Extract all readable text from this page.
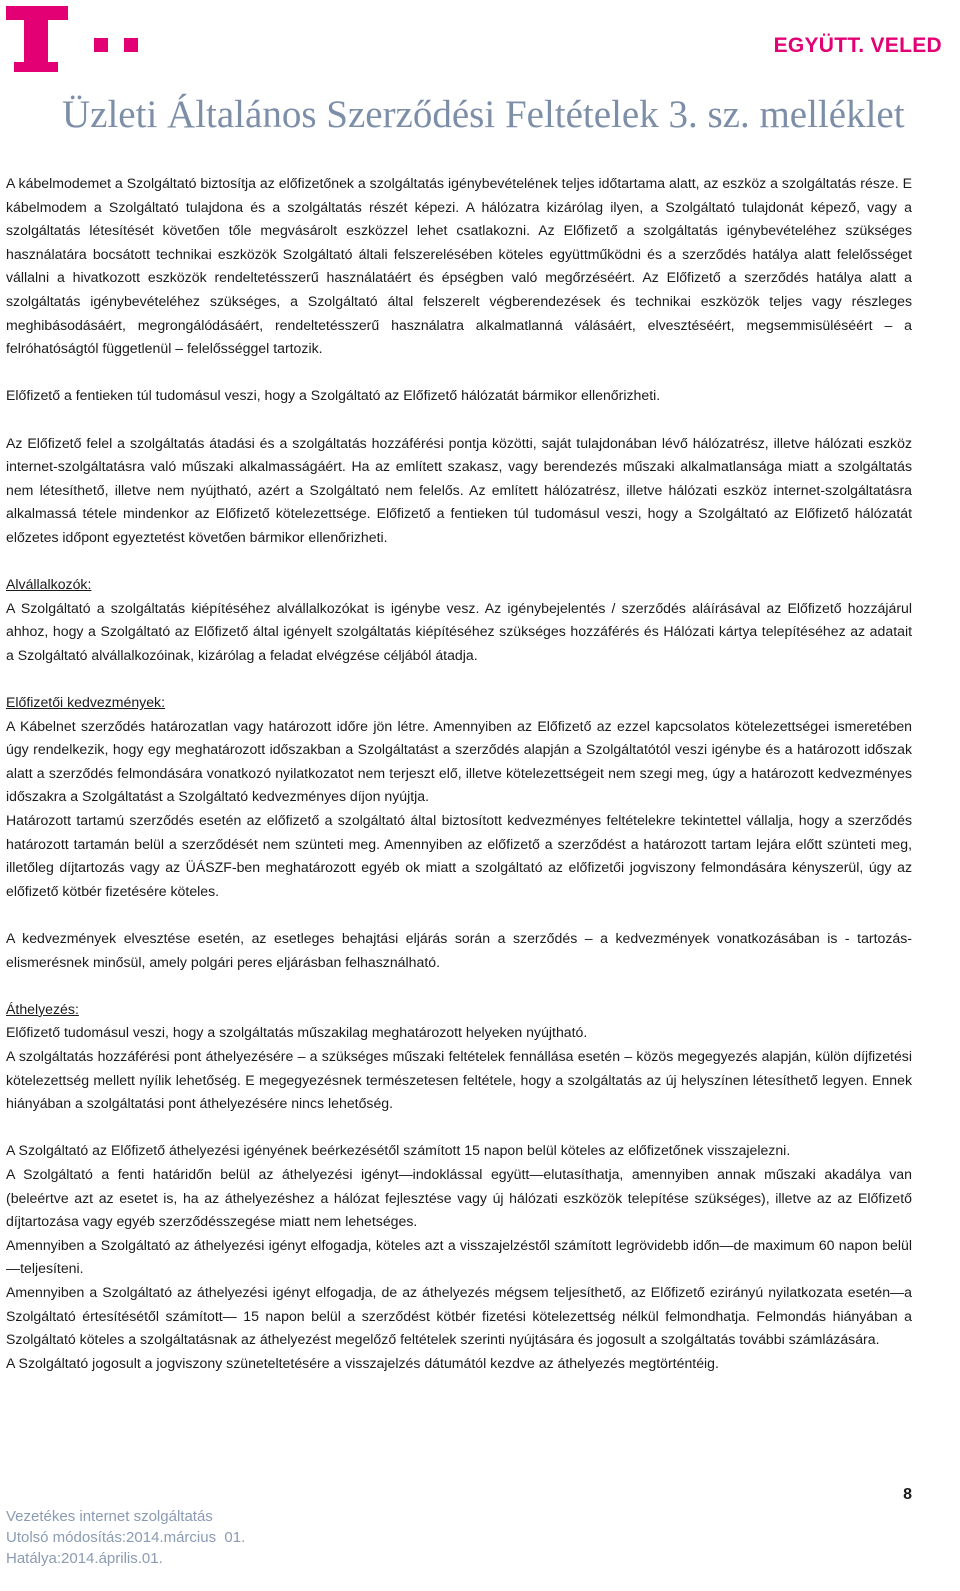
EGYÜTT. VELED
Üzleti Általános Szerződési Feltételek 3. sz. melléklet

A kábelmodemet a Szolgáltató biztosítja az előfizetőnek a szolgáltatás igénybevételének teljes időtartama alatt, az eszköz a szolgáltatás része. E kábelmodem a Szolgáltató tulajdona és a szolgáltatás részét képezi. A hálózatra kizárólag ilyen, a Szolgáltató tulajdonát képező, vagy a szolgáltatás létesítését követően tőle megvásárolt eszközzel lehet csatlakozni. Az Előfizető a szolgáltatás igénybevételéhez szükséges használatára bocsátott technikai eszközök Szolgáltató általi felszerelésében köteles együttműködni és a szerződés hatálya alatt felelősséget vállalni a hivatkozott eszközök rendeltetésszerű használatáért és épségben való megőrzéséért. Az Előfizető a szerződés hatálya alatt a szolgáltatás igénybevételéhez szükséges, a Szolgáltató által felszerelt végberendezések és technikai eszközök teljes vagy részleges meghibásodásáért, megrongálódásáért, rendeltetésszerű használatra alkalmatlanná válásáért, elvesztéséért, megsemmisüléséért – a felróhatóságtól függetlenül – felelősséggel tartozik.

Előfizető a fentieken túl tudomásul veszi, hogy a Szolgáltató az Előfizető hálózatát bármikor ellenőrizheti.

Az Előfizető felel a szolgáltatás átadási és a szolgáltatás hozzáférési pontja közötti, saját tulajdonában lévő hálózatrész, illetve hálózati eszköz internet-szolgáltatásra való műszaki alkalmasságáért. Ha az említett szakasz, vagy berendezés műszaki alkalmatlansága miatt a szolgáltatás nem létesíthető, illetve nem nyújtható, azért a Szolgáltató nem felelős. Az említett hálózatrész, illetve hálózati eszköz internet-szolgáltatásra alkalmassá tétele mindenkor az Előfizető kötelezettsége. Előfizető a fentieken túl tudomásul veszi, hogy a Szolgáltató az Előfizető hálózatát előzetes időpont egyeztetést követően bármikor ellenőrizheti.

Alvállalkozók:

A Szolgáltató a szolgáltatás kiépítéséhez alvállalkozókat is igénybe vesz. Az igénybejelentés / szerződés aláírásával az Előfizető hozzájárul ahhoz, hogy a Szolgáltató az Előfizető által igényelt szolgáltatás kiépítéséhez szükséges hozzáférés és Hálózati kártya telepítéséhez az adatait a Szolgáltató alvállalkozóinak, kizárólag a feladat elvégzése céljából átadja.

Előfizetői kedvezmények:

A Kábelnet szerződés határozatlan vagy határozott időre jön létre. Amennyiben az Előfizető az ezzel kapcsolatos kötelezettségei ismeretében úgy rendelkezik, hogy egy meghatározott időszakban a Szolgáltatást a szerződés alapján a Szolgáltatótól veszi igénybe és a határozott időszak alatt a szerződés felmondására vonatkozó nyilatkozatot nem terjeszt elő, illetve kötelezettségeit nem szegi meg, úgy a határozott kedvezményes időszakra a Szolgáltatást a Szolgáltató kedvezményes díjon nyújtja.

Határozott tartamú szerződés esetén az előfizető a szolgáltató által biztosított kedvezményes feltételekre tekintettel vállalja, hogy a szerződés határozott tartamán belül a szerződését nem szünteti meg. Amennyiben az előfizető a szerződést a határozott tartam lejára előtt szünteti meg, illetőleg díjtartozás vagy az ÜÁSZF-ben meghatározott egyéb ok miatt a szolgáltató az előfizetői jogviszony felmondására kényszerül, úgy az előfizető kötbér fizetésére köteles.

A kedvezmények elvesztése esetén, az esetleges behajtási eljárás során a szerződés – a kedvezmények vonatkozásában is - tartozás-elismerésnek minősül, amely polgári peres eljárásban felhasználható.

Áthelyezés:

Előfizető tudomásul veszi, hogy a szolgáltatás műszakilag meghatározott helyeken nyújtható.

A szolgáltatás hozzáférési pont áthelyezésére – a szükséges műszaki feltételek fennállása esetén – közös megegyezés alapján, külön díjfizetési kötelezettség mellett nyílik lehetőség. E megegyezésnek természetesen feltétele, hogy a szolgáltatás az új helyszínen létesíthető legyen. Ennek hiányában a szolgáltatási pont áthelyezésére nincs lehetőség.

A Szolgáltató az Előfizető áthelyezési igényének beérkezésétől számított 15 napon belül köteles az előfizetőnek visszajelezni.

A Szolgáltató a fenti határidőn belül az áthelyezési igényt—indoklással együtt—elutasíthatja, amennyiben annak műszaki akadálya van (beleértve azt az esetet is, ha az áthelyezéshez a hálózat fejlesztése vagy új hálózati eszközök telepítése szükséges), illetve az az Előfizető díjtartozása vagy egyéb szerződésszegése miatt nem lehetséges.

Amennyiben a Szolgáltató az áthelyezési igényt elfogadja, köteles azt a visszajelzéstől számított legrövidebb időn—de maximum 60 napon belül—teljesíteni.

Amennyiben a Szolgáltató az áthelyezési igényt elfogadja, de az áthelyezés mégsem teljesíthető, az Előfizető ezirányú nyilatkozata esetén—a Szolgáltató értesítésétől számított— 15 napon belül a szerződést kötbér fizetési kötelezettség nélkül felmondhatja. Felmondás hiányában a Szolgáltató köteles a szolgáltatásnak az áthelyezést megelőző feltételek szerinti nyújtására és jogosult a szolgáltatás további számlázására.

A Szolgáltató jogosult a jogviszony szüneteltetésére a visszajelzés dátumától kezdve az áthelyezés megtörténtéig.

8
Vezetékes internet szolgáltatás
Utolsó módosítás:2014.március  01.
Hatálya:2014.április.01.
